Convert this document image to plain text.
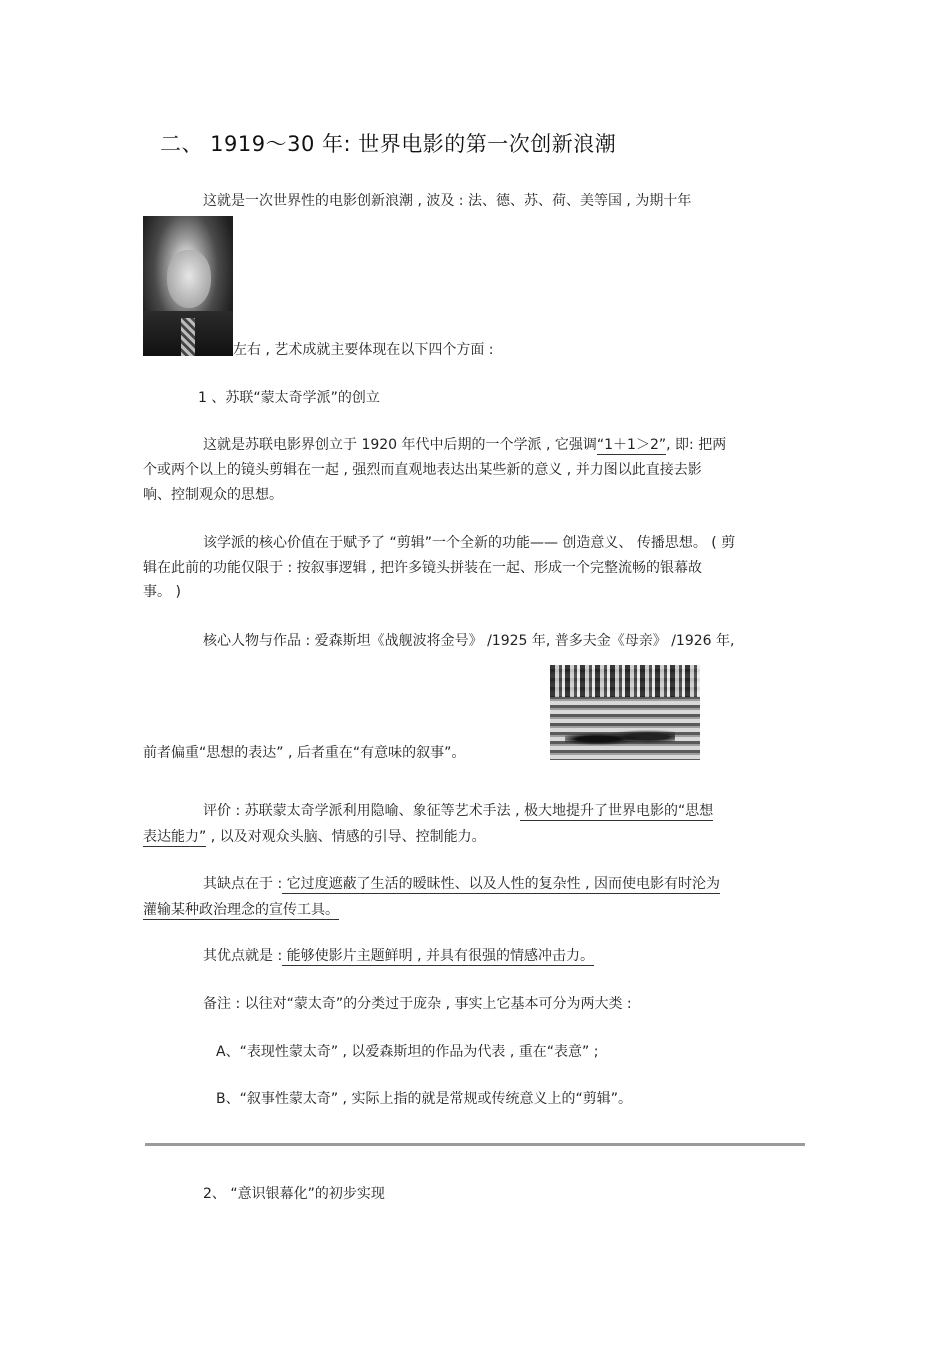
二、 1919～30 年: 世界电影的第一次创新浪潮
这就是一次世界性的电影创新浪潮 , 波及 : 法、德、苏、荷、美等国 , 为期十年
左右 , 艺术成就主要体现在以下四个方面 :
1 、苏联“蒙太奇学派”的创立
这就是苏联电影界创立于 1920 年代中后期的一个学派 , 它强调“1＋1＞2”, 即: 把两
个或两个以上的镜头剪辑在一起 , 强烈而直观地表达出某些新的意义 , 并力图以此直接去影
响、控制观众的思想。
该学派的核心价值在于赋予了 “剪辑”一个全新的功能—— 创造意义、 传播思想。 ( 剪
辑在此前的功能仅限于 : 按叙事逻辑 , 把许多镜头拼装在一起、形成一个完整流畅的银幕故
事。 )
核心人物与作品 : 爱森斯坦《战舰波将金号》 /1925 年, 普多夫金《母亲》 /1926 年,
前者偏重“思想的表达” , 后者重在“有意味的叙事”。
评价 : 苏联蒙太奇学派利用隐喻、象征等艺术手法 , 极大地提升了世界电影的“思想
表达能力” , 以及对观众头脑、情感的引导、控制能力。
其缺点在于 : 它过度遮蔽了生活的暧昧性、以及人性的复杂性 , 因而使电影有时沦为
灌输某种政治理念的宣传工具。
其优点就是 : 能够使影片主题鲜明 , 并具有很强的情感冲击力。
备注 : 以往对“蒙太奇”的分类过于庞杂 , 事实上它基本可分为两大类 :
A、“表现性蒙太奇” , 以爱森斯坦的作品为代表 , 重在“表意” ;
B、“叙事性蒙太奇” , 实际上指的就是常规或传统意义上的“剪辑”。
2、 “意识银幕化”的初步实现
